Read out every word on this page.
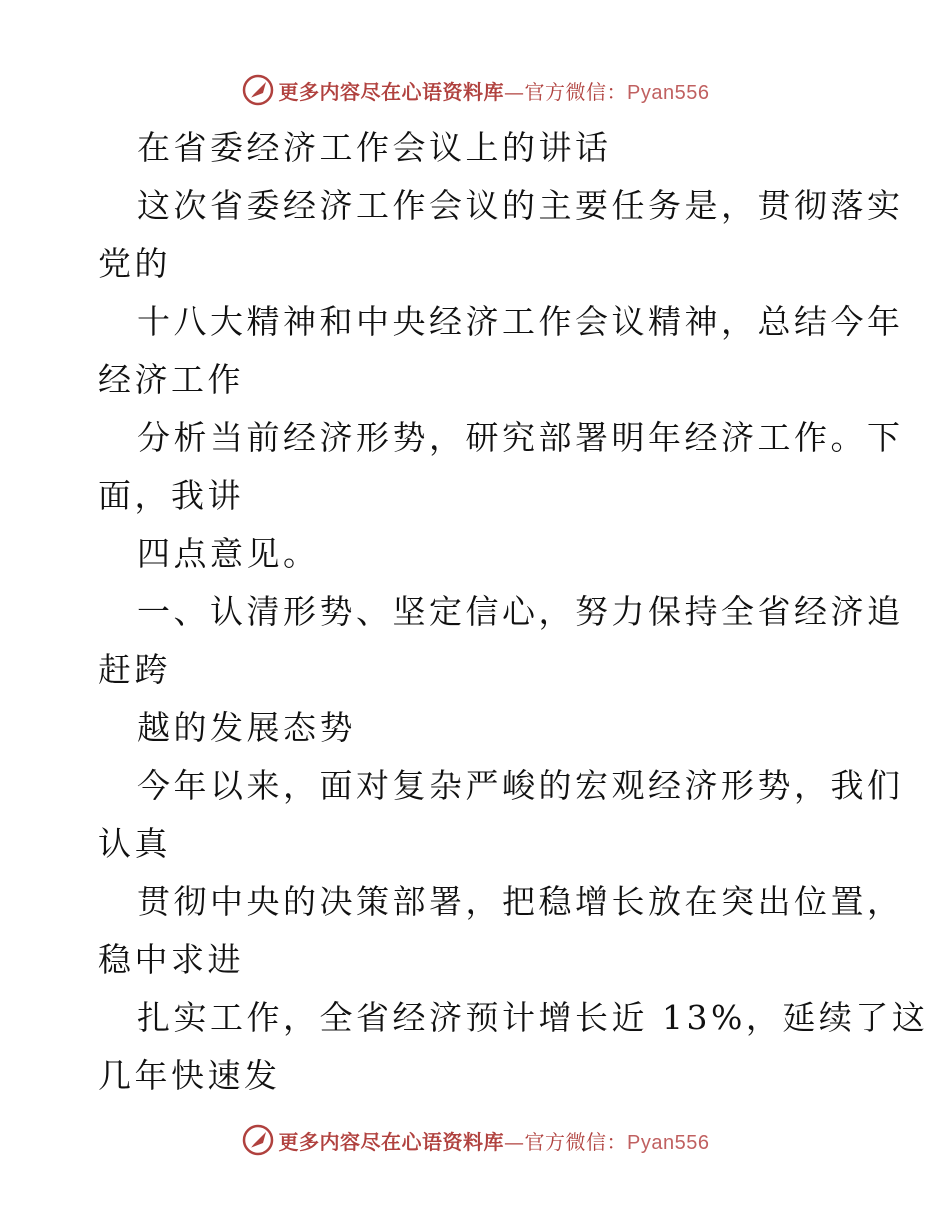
更多内容尽在心语资料库—官方微信：Pyan556
在省委经济工作会议上的讲话
这次省委经济工作会议的主要任务是，贯彻落实
党的
十八大精神和中央经济工作会议精神，总结今年
经济工作
分析当前经济形势，研究部署明年经济工作。下
面，我讲
四点意见。
一、认清形势、坚定信心，努力保持全省经济追
赶跨
越的发展态势
今年以来，面对复杂严峻的宏观经济形势，我们
认真
贯彻中央的决策部署，把稳增长放在突出位置，
稳中求进
扎实工作，全省经济预计增长近 13%，延续了这
几年快速发
更多内容尽在心语资料库—官方微信：Pyan556
